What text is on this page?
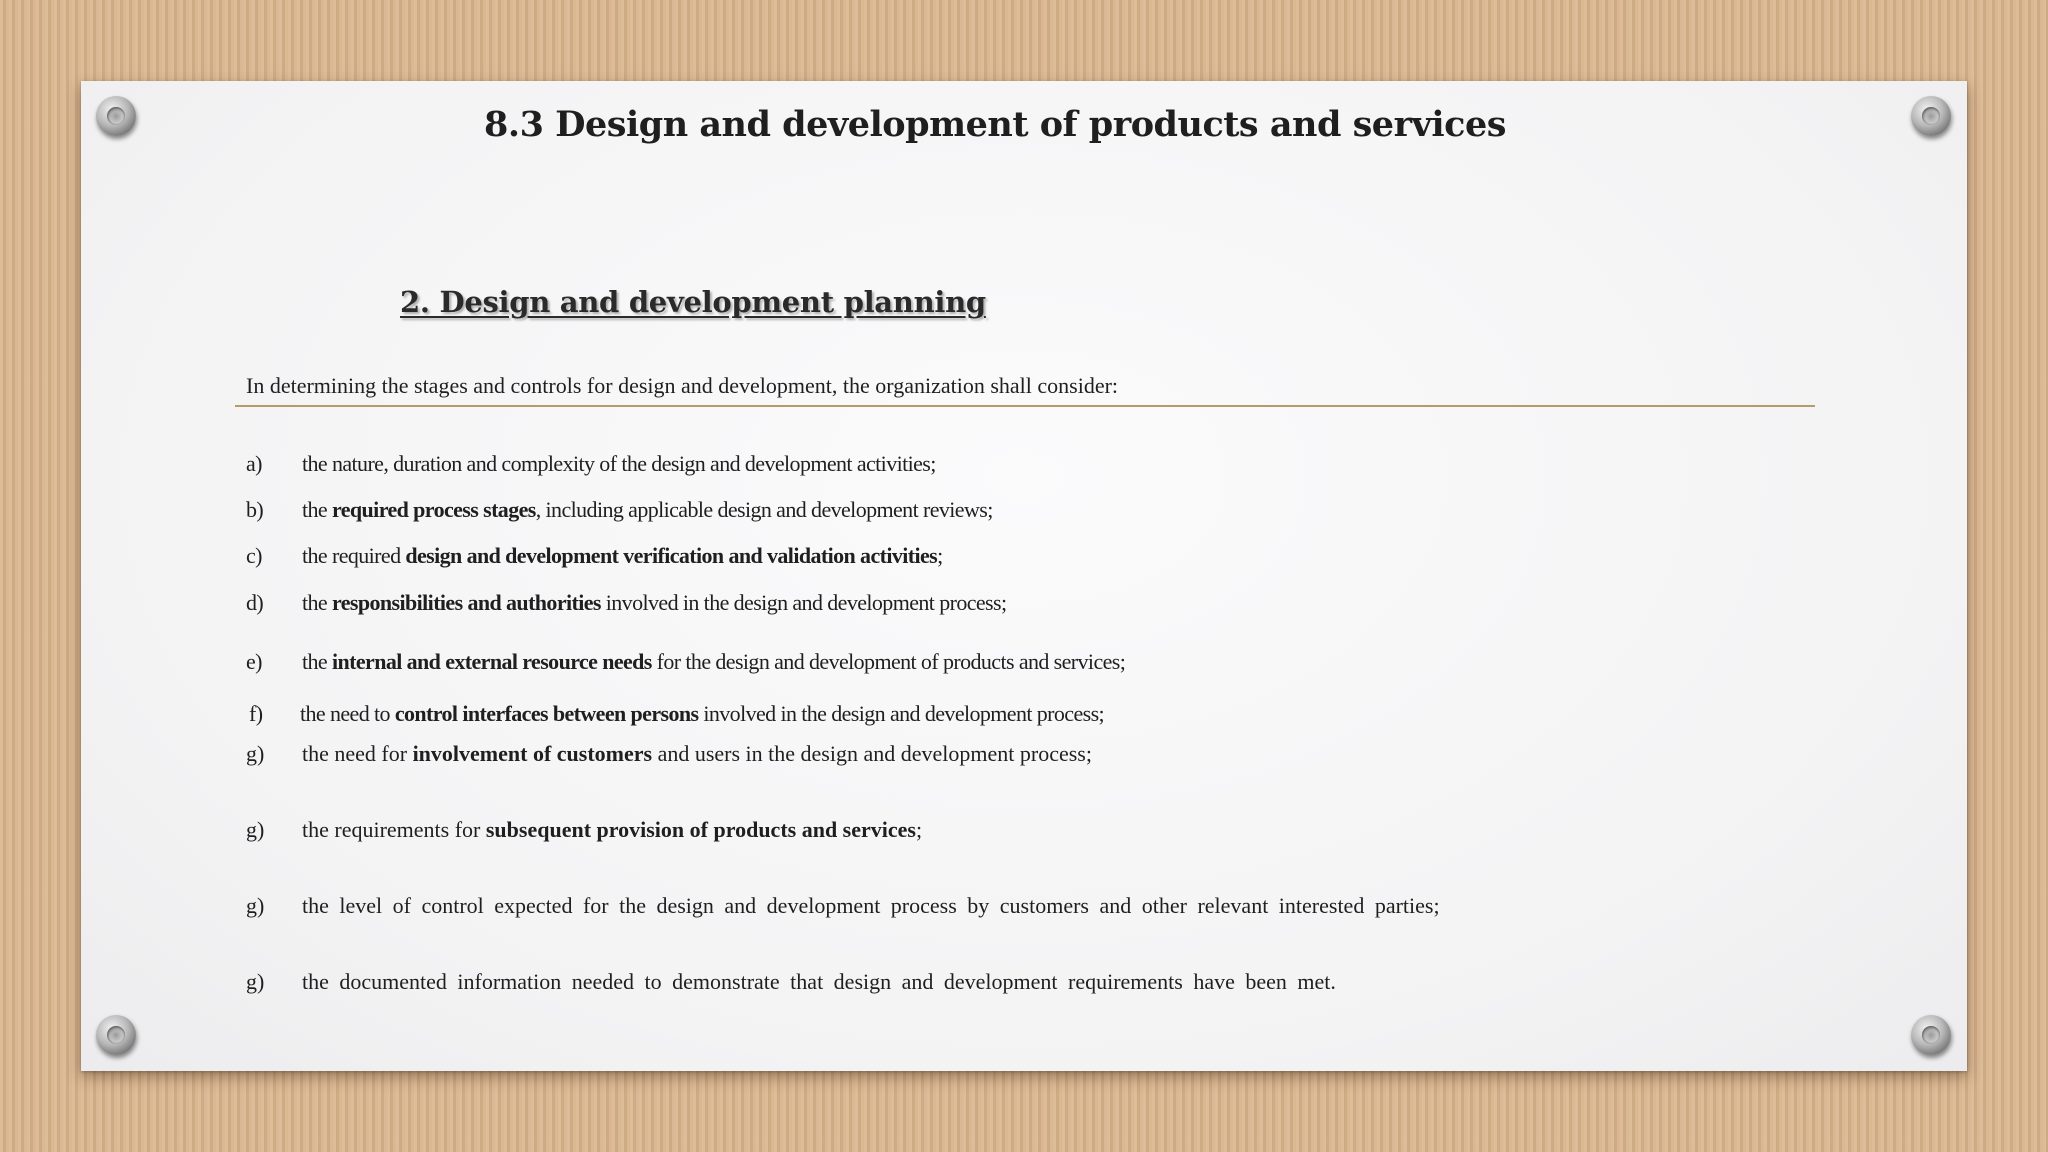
8.3 Design and development of products and services
2. Design and development planning
In determining the stages and controls for design and development, the organization shall consider:
a) the nature, duration and complexity of the design and development activities;
b) the required process stages, including applicable design and development reviews;
c) the required design and development verification and validation activities;
d) the responsibilities and authorities involved in the design and development process;
e) the internal and external resource needs for the design and development of products and services;
f) the need to control interfaces between persons involved in the design and development process;
g) the need for involvement of customers and users in the design and development process;
g) the requirements for subsequent provision of products and services;
g) the level of control expected for the design and development process by customers and other relevant interested parties;
g) the documented information needed to demonstrate that design and development requirements have been met.
